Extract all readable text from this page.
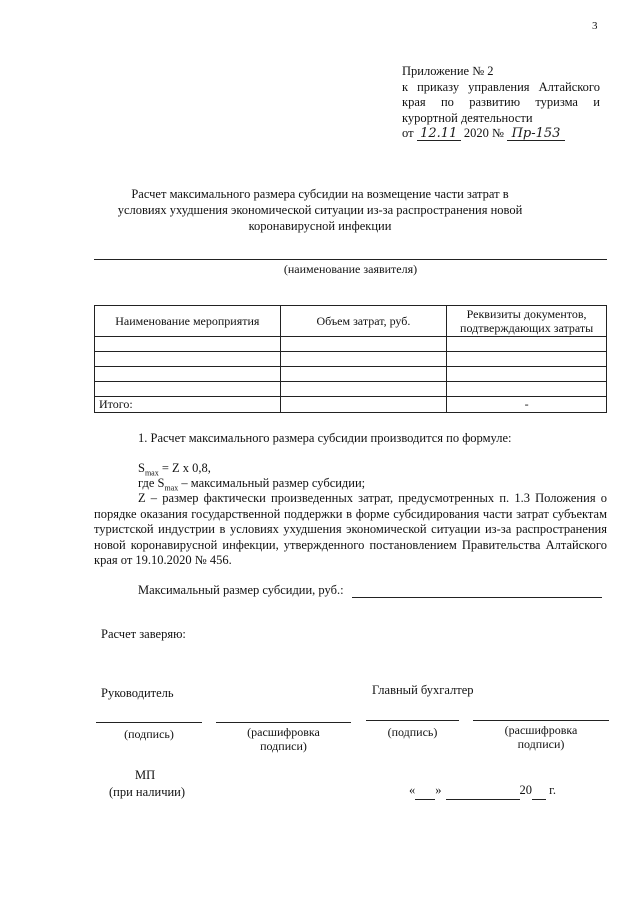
3
Приложение № 2
к приказу управления Алтайского
края по развитию туризма и
курортной деятельности
от 12.11 2020 № Пр-153
Расчет максимального размера субсидии на возмещение части затрат в условиях ухудшения экономической ситуации из-за распространения новой коронавирусной инфекции
(наименование заявителя)
Наименование мероприятия	Объем затрат, руб.	Реквизиты документов, подтверждающих затраты

Итого:		-
1. Расчет максимального размера субсидии производится по формуле:
$S_{max} = Z$ x 0,8,
где $S_{max}$ – максимальный размер субсидии;
Z – размер фактически произведенных затрат, предусмотренных п. 1.3 Положения о порядке оказания государственной поддержки в форме субсидирования части затрат субъектам туристской индустрии в условиях ухудшения экономической ситуации из-за распространения новой коронавирусной инфекции, утвержденного постановлением Правительства Алтайского края от 19.10.2020 № 456.
Максимальный размер субсидии, руб.:
Расчет заверяю:
Руководитель	Главный бухгалтер
(подпись)	(расшифровка
подписи)
(подпись)	(расшифровка
подписи)
МП
(при наличии)	« »	20  г.
